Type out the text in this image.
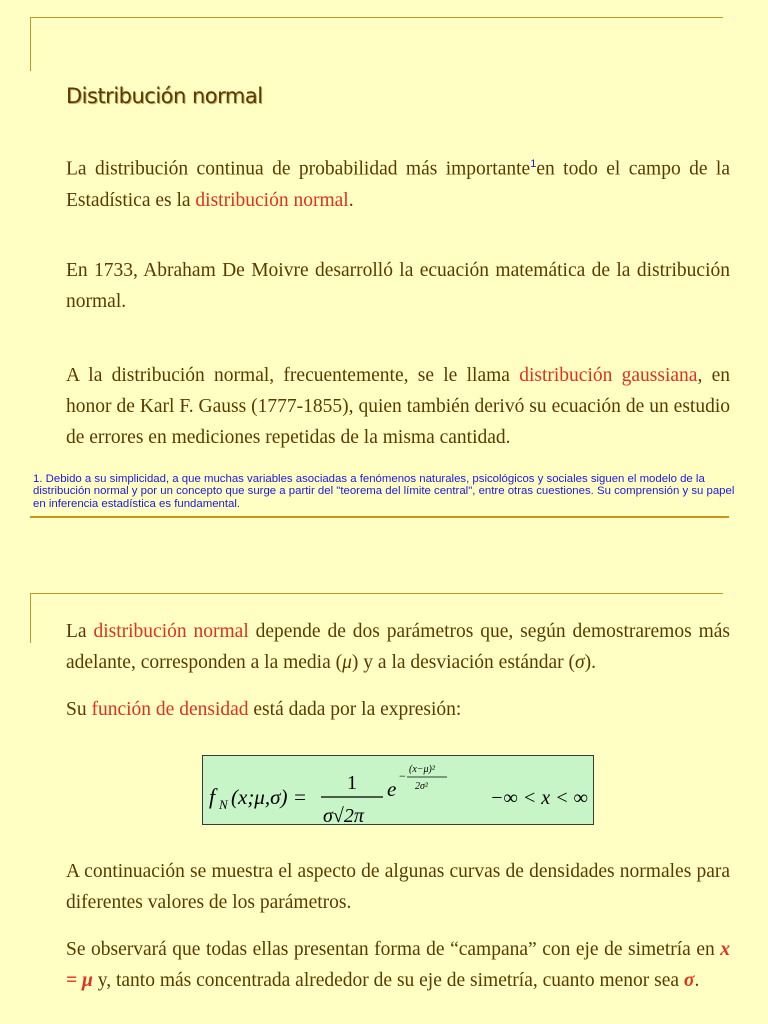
Distribución normal
La distribución continua de probabilidad más importante$^1$en todo el campo de la Estadística es la distribución normal.
En 1733, Abraham De Moivre desarrolló la ecuación matemática de la distribución normal.
A la distribución normal, frecuentemente, se le llama distribución gaussiana, en honor de Karl F. Gauss (1777-1855), quien también derivó su ecuación de un estudio de errores en mediciones repetidas de la misma cantidad.
1. Debido a su simplicidad, a que muchas variables asociadas a fenómenos naturales, psicológicos y sociales siguen el modelo de la distribución normal y por un concepto que surge a partir del "teorema del límite central", entre otras cuestiones. Su comprensión y su papel en inferencia estadística es fundamental.
La distribución normal depende de dos parámetros que, según demostraremos más adelante, corresponden a la media (μ) y a la desviación estándar (σ).
Su función de densidad está dada por la expresión:
f N (x;μ,σ) =
1
σ√2π
e
− (x−μ)²
2σ²
−∞ < x < ∞
A continuación se muestra el aspecto de algunas curvas de densidades normales para diferentes valores de los parámetros.
Se observará que todas ellas presentan forma de “campana” con eje de simetría en x = μ y, tanto más concentrada alrededor de su eje de simetría, cuanto menor sea σ.
